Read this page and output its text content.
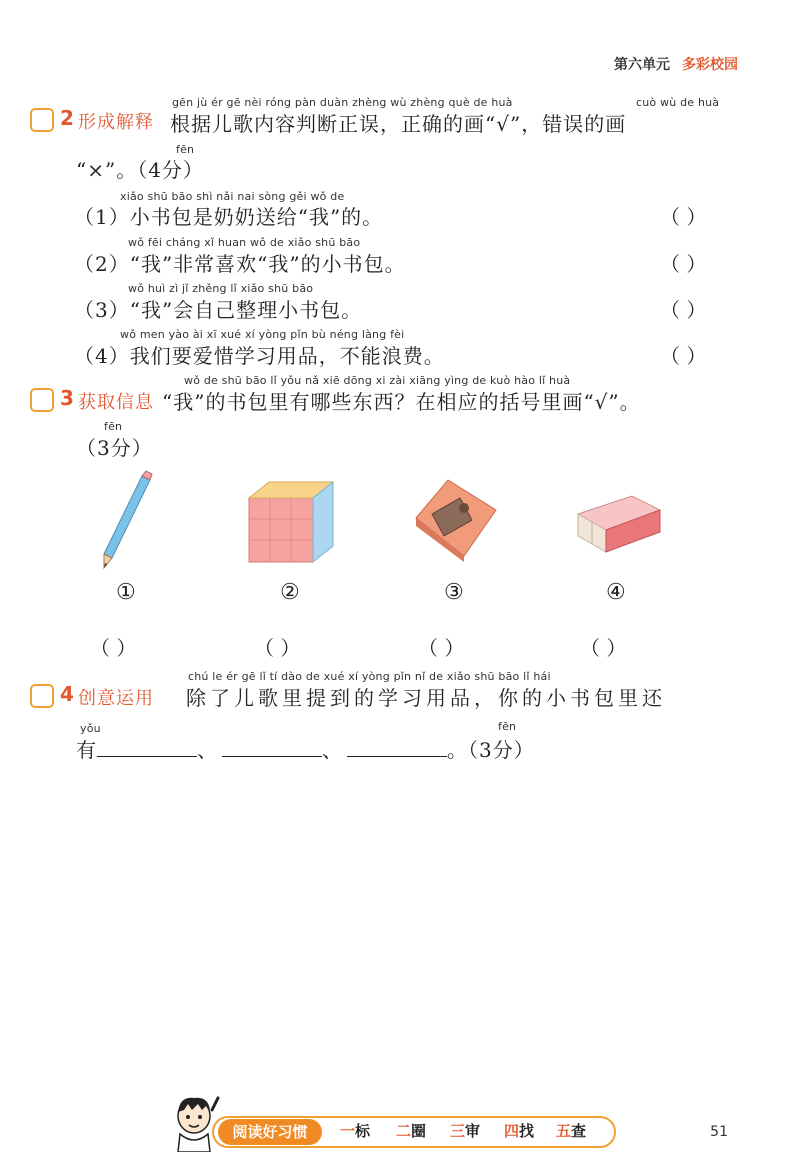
第六单元 多彩校园
2 形成解释
gēn jù ér gē nèi róng pàn duàn zhèng wù zhèng què de huà	cuò wù de huà
根据儿歌内容判断正误，正确的画“√”，错误的画
fēn
“×”。（4分）
xiǎo shū bāo shì nǎi nai sòng gěi wǒ de
（1）小书包是奶奶送给“我”的。	（ ）
wǒ fēi cháng xǐ huan wǒ de xiǎo shū bāo
（2）“我”非常喜欢“我”的小书包。	（ ）
wǒ huì zì jǐ zhěng lǐ xiǎo shū bāo
（3）“我”会自己整理小书包。	（ ）
wǒ men yào ài xī xué xí yòng pǐn bù néng làng fèi
（4）我们要爱惜学习用品，不能浪费。	（ ）
3 获取信息
wǒ de shū bāo lǐ yǒu nǎ xiē dōng xi zài xiāng yìng de kuò hào lǐ huà
“我”的书包里有哪些东西？在相应的括号里画“√”。
fēn
（3分）
①	②	③	④
（ ）	（ ）	（ ）	（ ）
4 创意运用
chú le ér gē lǐ tí dào de xué xí yòng pǐn nǐ de xiǎo shū bāo lǐ hái
除了儿歌里提到的学习用品，你的小书包里还
yǒu	fēn
有	、	、	。（3分）
阅读好习惯	一标 二圈 三审 四找 五查	51
